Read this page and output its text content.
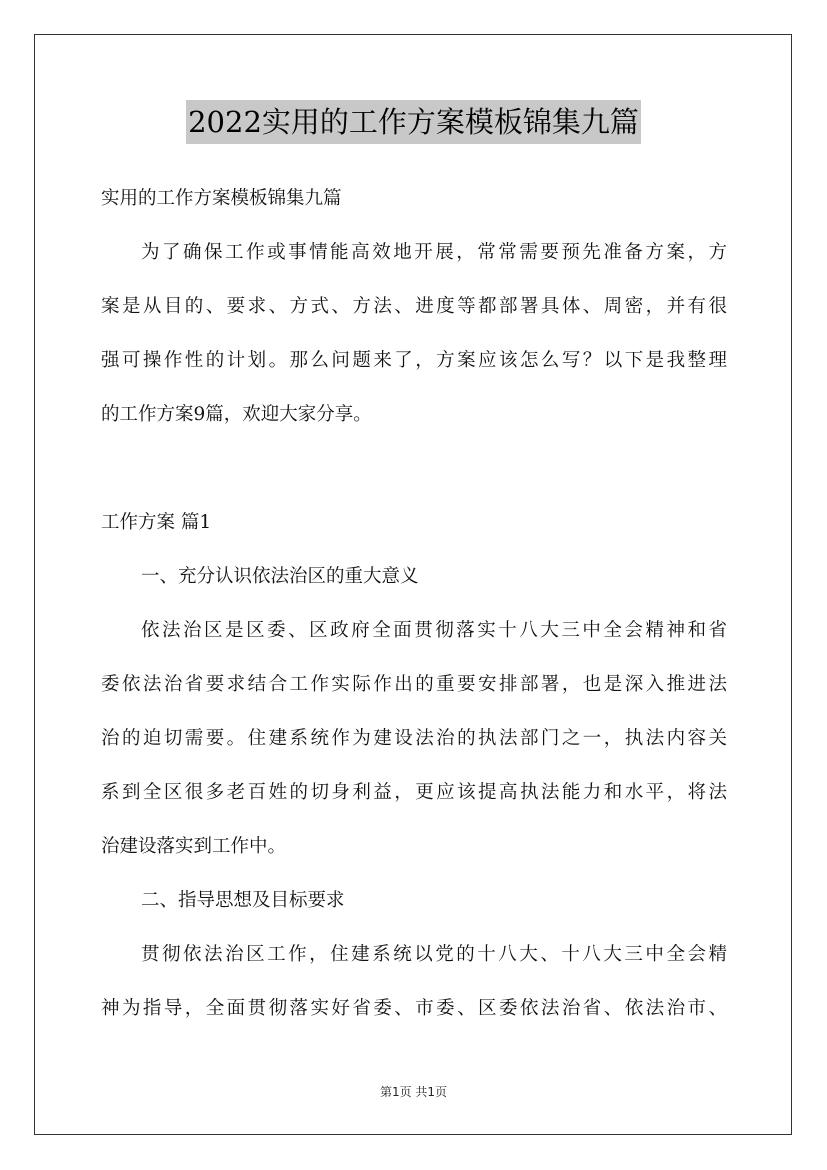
2022实用的工作方案模板锦集九篇
实用的工作方案模板锦集九篇
为了确保工作或事情能高效地开展，常常需要预先准备方案，方
案是从目的、要求、方式、方法、进度等都部署具体、周密，并有很
强可操作性的计划。那么问题来了，方案应该怎么写？以下是我整理
的工作方案9篇，欢迎大家分享。
工作方案 篇1
一、充分认识依法治区的重大意义
依法治区是区委、区政府全面贯彻落实十八大三中全会精神和省
委依法治省要求结合工作实际作出的重要安排部署，也是深入推进法
治的迫切需要。住建系统作为建设法治的执法部门之一，执法内容关
系到全区很多老百姓的切身利益，更应该提高执法能力和水平，将法
治建设落实到工作中。
二、指导思想及目标要求
贯彻依法治区工作，住建系统以党的十八大、十八大三中全会精
神为指导，全面贯彻落实好省委、市委、区委依法治省、依法治市、
第1页 共1页
